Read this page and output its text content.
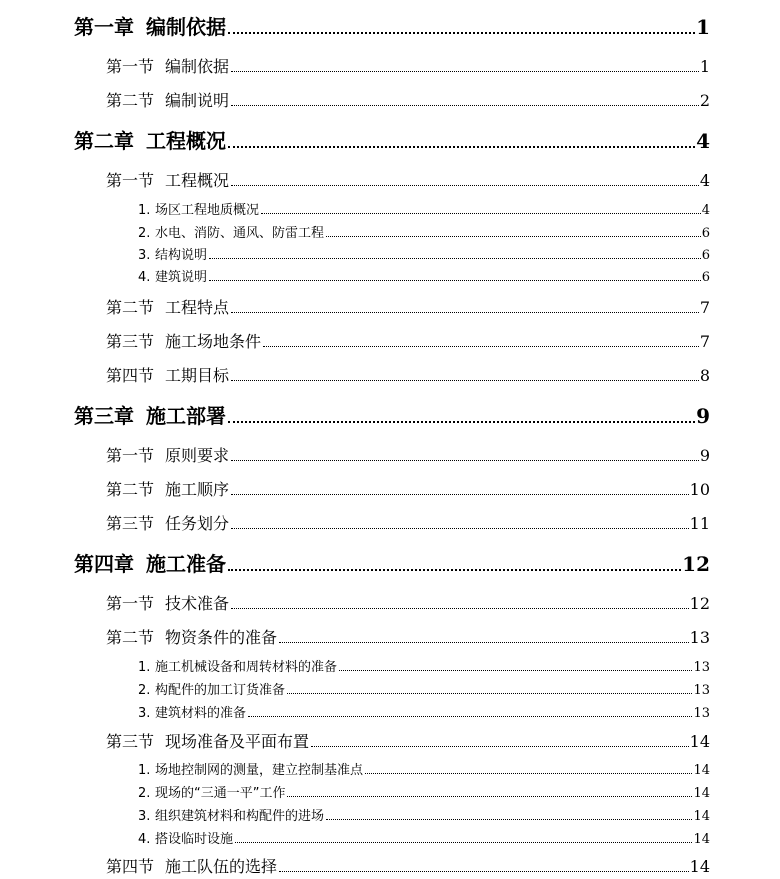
第一章 编制依据	1
第一节 编制依据	1
第二节 编制说明	2
第二章 工程概况	4
第一节 工程概况	4
1. 场区工程地质概况	4
2. 水电、消防、通风、防雷工程	6
3. 结构说明	6
4. 建筑说明	6
第二节 工程特点	7
第三节 施工场地条件	7
第四节 工期目标	8
第三章 施工部署	9
第一节 原则要求	9
第二节 施工顺序	10
第三节 任务划分	11
第四章 施工准备	12
第一节 技术准备	12
第二节 物资条件的准备	13
1. 施工机械设备和周转材料的准备	13
2. 构配件的加工订货准备	13
3. 建筑材料的准备	13
第三节 现场准备及平面布置	14
1. 场地控制网的测量，建立控制基准点	14
2. 现场的“三通一平”工作	14
3. 组织建筑材料和构配件的进场	14
4. 搭设临时设施	14
第四节 施工队伍的选择	14
